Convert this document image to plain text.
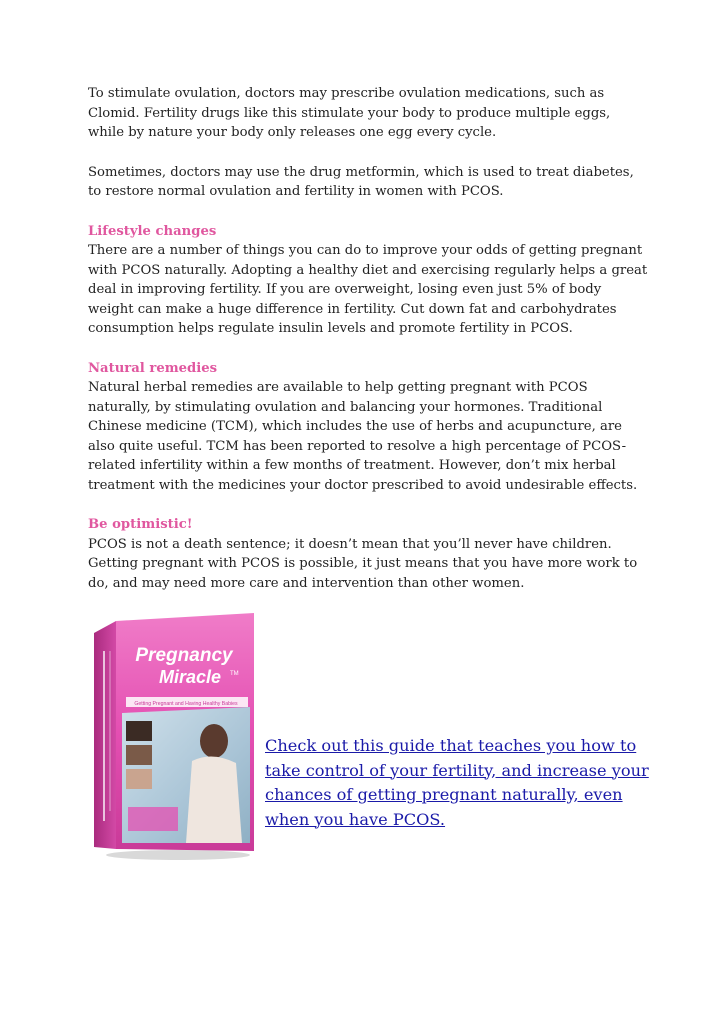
To stimulate ovulation, doctors may prescribe ovulation medications, such as Clomid. Fertility drugs like this stimulate your body to produce multiple eggs, while by nature your body only releases one egg every cycle.

Sometimes, doctors may use the drug metformin, which is used to treat diabetes, to restore normal ovulation and fertility in women with PCOS.

Lifestyle changes
There are a number of things you can do to improve your odds of getting pregnant with PCOS naturally. Adopting a healthy diet and exercising regularly helps a great deal in improving fertility. If you are overweight, losing even just 5% of body weight can make a huge difference in fertility. Cut down fat and carbohydrates consumption helps regulate insulin levels and promote fertility in PCOS.

Natural remedies
Natural herbal remedies are available to help getting pregnant with PCOS naturally, by stimulating ovulation and balancing your hormones. Traditional Chinese medicine (TCM), which includes the use of herbs and acupuncture, are also quite useful. TCM has been reported to resolve a high percentage of PCOS-related infertility within a few months of treatment. However, don’t mix herbal treatment with the medicines your doctor prescribed to avoid undesirable effects.

Be optimistic!
PCOS is not a death sentence; it doesn’t mean that you’ll never have children. Getting pregnant with PCOS is possible, it just means that you have more work to do, and may need more care and intervention than other women.

Pregnancy
Miracle TM
Getting Pregnant and Having Healthy Babies
Check out this guide that teaches you how to take control of your fertility, and increase your chances of getting pregnant naturally, even when you have PCOS.
